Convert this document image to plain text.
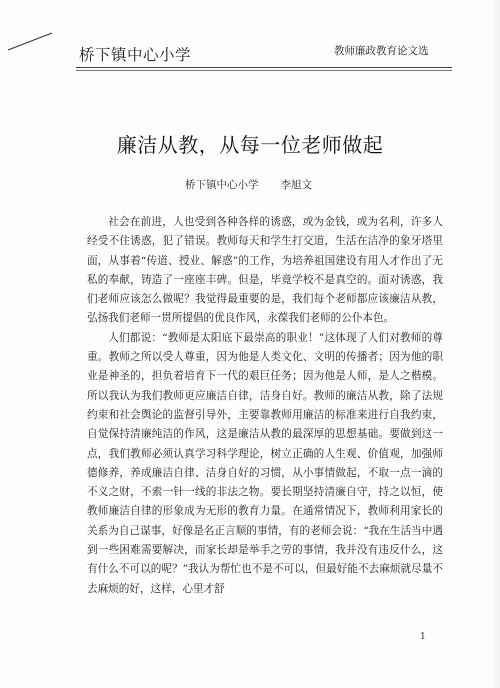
桥下镇中心小学	教师廉政教育论文选
廉洁从教，从每一位老师做起
桥下镇中心小学 李旭文

社会在前进，人也受到各种各样的诱惑，或为金钱，或为名利，许多人经受不住诱惑，犯了错误。教师每天和学生打交道，生活在洁净的象牙塔里面，从事着“传道、授业、解惑”的工作，为培养祖国建设有用人才作出了无私的奉献，铸造了一座座丰碑。但是，毕竟学校不是真空的。面对诱惑，我们老师应该怎么做呢？我觉得最重要的是，我们每个老师都应该廉洁从教，弘扬我们老师一贯所提倡的优良作风，永葆我们老师的公仆本色。

人们都说：“教师是太阳底下最崇高的职业！”这体现了人们对教师的尊重。教师之所以受人尊重，因为他是人类文化、文明的传播者；因为他的职业是神圣的，担负着培育下一代的艰巨任务；因为他是人师，是人之楷模。所以我认为我们教师更应廉洁自律，洁身自好。教师的廉洁从教，除了法规约束和社会舆论的监督引导外，主要靠教师用廉洁的标准来进行自我约束，自觉保持清廉纯洁的作风，这是廉洁从教的最深厚的思想基础。要做到这一点，我们教师必须认真学习科学理论，树立正确的人生观、价值观，加强师德修养，养成廉洁自律、洁身自好的习惯，从小事情做起，不取一点一滴的不义之财，不索一针一线的非法之物。要长期坚持清廉自守，持之以恒，使教师廉洁自律的形象成为无形的教育力量。在通常情况下，教师利用家长的关系为自己谋事，好像是名正言顺的事情，有的老师会说：“我在生活当中遇到一些困难需要解决，而家长却是举手之劳的事情，我并没有违反什么，这有什么不可以的呢？”我认为帮忙也不是不可以，但最好能不去麻烦就尽量不去麻烦的好，这样，心里才舒

1
